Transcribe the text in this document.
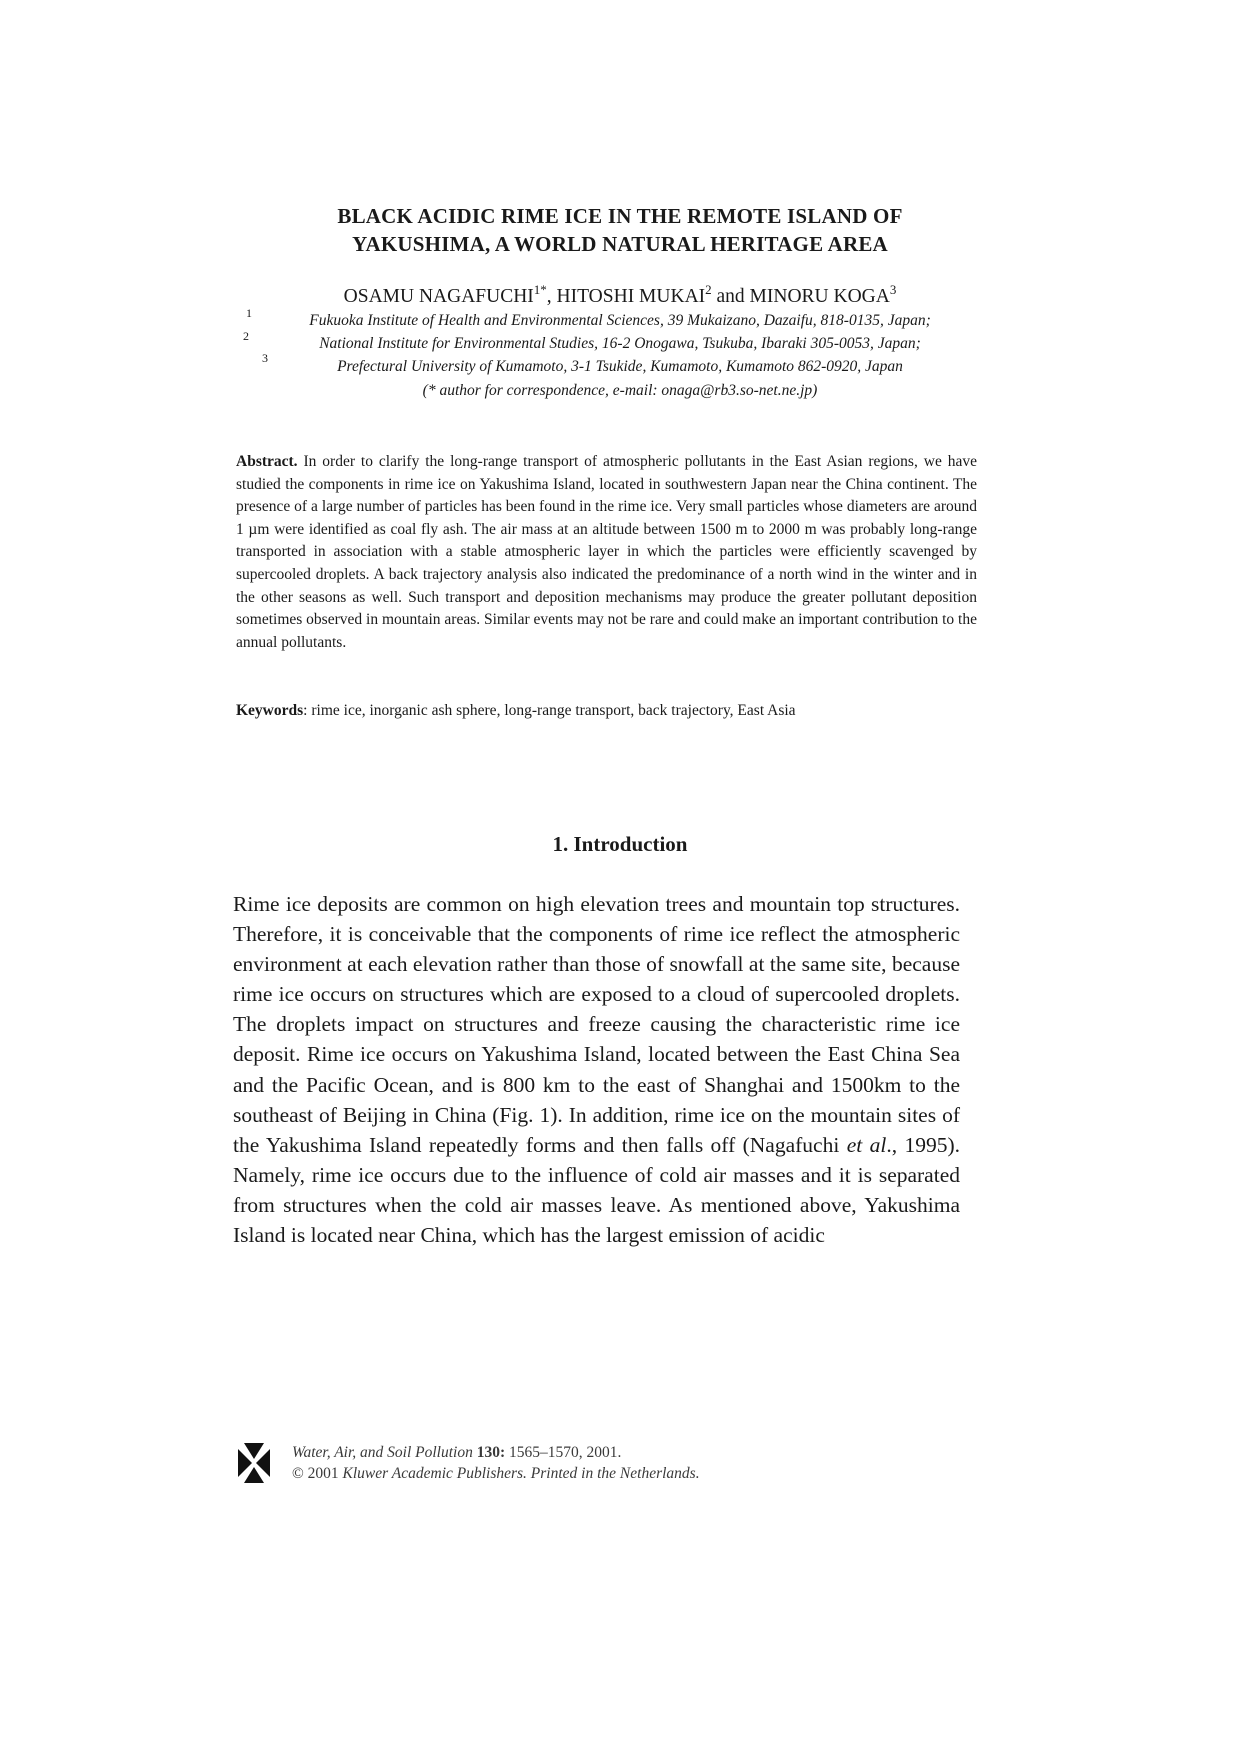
BLACK ACIDIC RIME ICE IN THE REMOTE ISLAND OF
YAKUSHIMA, A WORLD NATURAL HERITAGE AREA
OSAMU $NAGAFUCHI^{1*}$, HITOSHI MUKAI$^2$ and MINORU KOGA$^3$
1	Fukuoka Institute of Health and Environmental Sciences, 39 Mukaizano, Dazaifu, 818-0135, Japan;
2	National Institute for Environmental Studies, 16-2 Onogawa, Tsukuba, Ibaraki 305-0053, Japan;
3	Prefectural University of Kumamoto, 3-1 Tsukide, Kumamoto, Kumamoto 862-0920, Japan
(* author for correspondence, e-mail: onaga@rb3.so-net.ne.jp)
Abstract. In order to clarify the long-range transport of atmospheric pollutants in the East Asian regions, we have studied the components in rime ice on Yakushima Island, located in southwestern Japan near the China continent. The presence of a large number of particles has been found in the rime ice. Very small particles whose diameters are around 1 µm were identified as coal fly ash. The air mass at an altitude between 1500 m to 2000 m was probably long-range transported in association with a stable atmospheric layer in which the particles were efficiently scavenged by supercooled droplets. A back trajectory analysis also indicated the predominance of a north wind in the winter and in the other seasons as well. Such transport and deposition mechanisms may produce the greater pollutant deposition sometimes observed in mountain areas. Similar events may not be rare and could make an important contribution to the annual pollutants.
Keywords: rime ice, inorganic ash sphere, long-range transport, back trajectory, East Asia
1. Introduction
Rime ice deposits are common on high elevation trees and mountain top structures. Therefore, it is conceivable that the components of rime ice reflect the atmospheric environment at each elevation rather than those of snowfall at the same site, because rime ice occurs on structures which are exposed to a cloud of supercooled droplets. The droplets impact on structures and freeze causing the characteristic rime ice deposit. Rime ice occurs on Yakushima Island, located between the East China Sea and the Pacific Ocean, and is 800 km to the east of Shanghai and 1500km to the southeast of Beijing in China (Fig. 1). In addition, rime ice on the mountain sites of the Yakushima Island repeatedly forms and then falls off (Nagafuchi et al., 1995). Namely, rime ice occurs due to the influence of cold air masses and it is separated from structures when the cold air masses leave. As mentioned above, Yakushima Island is located near China, which has the largest emission of acidic
Water, Air, and Soil Pollution 130: 1565–1570, 2001.
© 2001 Kluwer Academic Publishers. Printed in the Netherlands.
